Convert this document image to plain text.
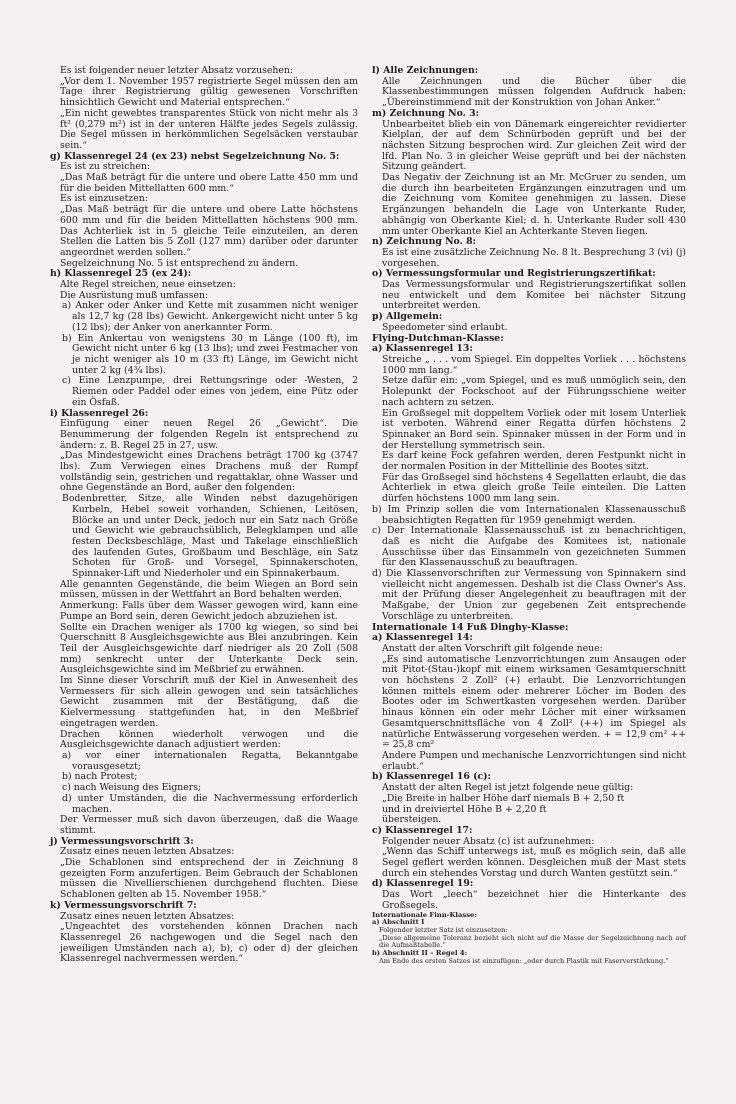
Es ist folgender neuer letzter Absatz vorzusehen:

„Vor dem 1. November 1957 registrierte Segel müssen den am Tage ihrer Registrierung gültig gewesenen Vorschriften hinsichtlich Gewicht und Material entsprechen.“

„Ein nicht gewebtes transparentes Stück von nicht mehr als 3 ft² (0,279 m²) ist in der unteren Hälfte jedes Segels zulässig. Die Segel müssen in herkömmlichen Segelsäcken verstaubar sein.“

g) Klassenregel 24 (ex 23) nebst Segelzeichnung No. 5:

Es ist zu streichen:

„Das Maß beträgt für die untere und obere Latte 450 mm und für die beiden Mittellatten 600 mm.“

Es ist einzusetzen:

„Das Maß beträgt für die untere und obere Latte höchstens 600 mm und für die beiden Mittellatten höchstens 900 mm. Das Achterliek ist in 5 gleiche Teile einzuteilen, an deren Stellen die Latten bis 5 Zoll (127 mm) darüber oder darunter angeordnet werden sollen.“

Segelzeichnung No. 5 ist entsprechend zu ändern.

h) Klassenregel 25 (ex 24):

Alte Regel streichen, neue einsetzen:

Die Ausrüstung muß umfassen:

a) Anker oder Anker und Kette mit zusammen nicht weniger als 12,7 kg (28 lbs) Gewicht. Ankergewicht nicht unter 5 kg (12 lbs); der Anker von anerkannter Form.

b) Ein Ankertau von wenigstens 30 m Länge (100 ft), im Gewicht nicht unter 6 kg (13 lbs); und zwei Festmacher von je nicht weniger als 10 m (33 ft) Länge, im Gewicht nicht unter 2 kg (4¾ lbs).

c) Eine Lenzpumpe, drei Rettungsringe oder -Westen, 2 Riemen oder Paddel oder eines von jedem, eine Pütz oder ein Ösfaß.

i) Klassenregel 26:

Einfügung einer neuen Regel 26 „Gewicht“. Die Benummerung der folgenden Regeln ist entsprechend zu ändern: z. B. Regel 25 in 27, usw.

„Das Mindestgewicht eines Drachens beträgt 1700 kg (3747 lbs). Zum Verwiegen eines Drachens muß der Rumpf vollständig sein, gestrichen und regattaklar, ohne Wasser und ohne Gegenstände an Bord, außer den folgenden:

Bodenbretter, Sitze, alle Winden nebst dazugehörigen Kurbeln, Hebel soweit vorhanden, Schienen, Leitösen, Blöcke an und unter Deck, jedoch nur ein Satz nach Größe und Gewicht wie gebrauchsüblich, Belegklampen und alle festen Decksbeschläge, Mast und Takelage einschließlich des laufenden Gutes, Großbaum und Beschläge, ein Satz Schoten für Groß- und Vorsegel, Spinnakerschoten, Spinnaker-Lift und Niederholer und ein Spinnakerbaum.

Alle genannten Gegenstände, die beim Wiegen an Bord sein müssen, müssen in der Wettfahrt an Bord behalten werden.

Anmerkung: Falls über dem Wasser gewogen wird, kann eine Pumpe an Bord sein, deren Gewicht jedoch abzuziehen ist.

Sollte ein Drachen weniger als 1700 kg wiegen, so sind bei Querschnitt 8 Ausgleichsgewichte aus Blei anzubringen. Kein Teil der Ausgleichsgewichte darf niedriger als 20 Zoll (508 mm) senkrecht unter der Unterkante Deck sein. Ausgleichsgewichte sind im Meßbrief zu erwähnen.

Im Sinne dieser Vorschrift muß der Kiel in Anwesenheit des Vermessers für sich allein gewogen und sein tatsächliches Gewicht zusammen mit der Bestätigung, daß die Kielvermessung stattgefunden hat, in den Meßbrief eingetragen werden.

Drachen können wiederholt verwogen und die Ausgleichsgewichte danach adjustiert werden:

a) vor einer internationalen Regatta, Bekanntgabe vorausgesetzt;

b) nach Protest;

c) nach Weisung des Eigners;

d) unter Umständen, die die Nachvermessung erforderlich machen.

Der Vermesser muß sich davon überzeugen, daß die Waage stimmt.

j) Vermessungsvorschrift 3:

Zusatz eines neuen letzten Absatzes:

„Die Schablonen sind entsprechend der in Zeichnung 8 gezeigten Form anzufertigen. Beim Gebrauch der Schablonen müssen die Nivellierschienen durchgehend fluchten. Diese Schablonen gelten ab 15. November 1958.“

k) Vermessungsvorschrift 7:

Zusatz eines neuen letzten Absatzes:

„Ungeachtet des vorstehenden können Drachen nach Klassenregel 26 nachgewogen und die Segel nach den jeweiligen Umständen nach a), b), c) oder d) der gleichen Klassenregel nachvermessen werden.“

l) Alle Zeichnungen:

Alle Zeichnungen und die Bücher über die Klassenbestimmungen müssen folgenden Aufdruck haben: „Übereinstimmend mit der Konstruktion von Johan Anker.“

m) Zeichnung No. 3:

Unbearbeitet blieb ein von Dänemark eingereichter revidierter Kielplan, der auf dem Schnürboden geprüft und bei der nächsten Sitzung besprochen wird. Zur gleichen Zeit wird der lfd. Plan No. 3 in gleicher Weise geprüft und bei der nächsten Sitzung geändert.

Das Negativ der Zeichnung ist an Mr. McGruer zu senden, um die durch ihn bearbeiteten Ergänzungen einzutragen und um die Zeichnung vom Komitee genehmigen zu lassen. Diese Ergänzungen behandeln die Lage von Unterkante Ruder, abhängig von Oberkante Kiel; d. h. Unterkante Ruder soll 430 mm unter Oberkante Kiel an Achterkante Steven liegen.

n) Zeichnung No. 8:

Es ist eine zusätzliche Zeichnung No. 8 lt. Besprechung 3 (vi) (j) vorgesehen.

o) Vermessungsformular und Registrierungszertifikat:

Das Vermessungsformular und Registrierungszertifikat sollen neu entwickelt und dem Komitee bei nächster Sitzung unterbreitet werden.

p) Allgemein:

Speedometer sind erlaubt.

Flying-Dutchman-Klasse:

a) Klassenregel 13:

Streiche „ . . . vom Spiegel. Ein doppeltes Vorliek . . . höchstens 1000 mm lang.“

Setze dafür ein: „vom Spiegel, und es muß unmöglich sein, den Holepunkt der Fockschoot auf der Führungsschiene weiter nach achtern zu setzen.

Ein Großsegel mit doppeltem Vorliek oder mit losem Unterliek ist verboten. Während einer Regatta dürfen höchstens 2 Spinnaker an Bord sein. Spinnaker müssen in der Form und in der Herstellung symmetrisch sein.

Es darf keine Fock gefahren werden, deren Festpunkt nicht in der normalen Position in der Mittellinie des Bootes sitzt.

Für das Großsegel sind höchstens 4 Segellatten erlaubt, die das Achterliek in etwa gleich große Teile einteilen. Die Latten dürfen höchstens 1000 mm lang sein.

b) Im Prinzip sollen die vom Internationalen Klassenausschuß beabsichtigten Regatten für 1959 genehmigt werden.

c) Der Internationale Klassenausschuß ist zu benachrichtigen, daß es nicht die Aufgabe des Komitees ist, nationale Ausschüsse über das Einsammeln von gezeichneten Summen für den Klassenausschuß zu beauftragen.

d) Die Klassenvorschriften zur Vermessung von Spinnakern sind vielleicht nicht angemessen. Deshalb ist die Class Owner's Ass. mit der Prüfung dieser Angelegenheit zu beauftragen mit der Maßgabe, der Union zur gegebenen Zeit entsprechende Vorschläge zu unterbreiten.

Internationale 14 Fuß Dinghy-Klasse:

a) Klassenregel 14:

Anstatt der alten Vorschrift gilt folgende neue:

„Es sind automatische Lenzvorrichtungen zum Ansaugen oder mit Pitot-(Stau-)kopf mit einem wirksamen Gesamtquerschnitt von höchstens 2 Zoll² (+) erlaubt. Die Lenzvorrichtungen können mittels einem oder mehrerer Löcher im Boden des Bootes oder im Schwertkasten vorgesehen werden. Darüber hinaus können ein oder mehr Löcher mit einer wirksamen Gesamtquerschnittsfläche von 4 Zoll² (++) im Spiegel als natürliche Entwässerung vorgesehen werden. + = 12,9 cm² ++ = 25,8 cm²

Andere Pumpen und mechanische Lenzvorrichtungen sind nicht erlaubt.“

b) Klassenregel 16 (c):

Anstatt der alten Regel ist jetzt folgende neue gültig:

„Die Breite in halber Höhe darf niemals B + 2,50 ft

und in dreiviertel Höhe B + 2,20 ft

übersteigen.

c) Klassenregel 17:

Folgender neuer Absatz (c) ist aufzunehmen:

„Wenn das Schiff unterwegs ist, muß es möglich sein, daß alle Segel geflert werden können. Desgleichen muß der Mast stets durch ein stehendes Vorstag und durch Wanten gestützt sein.“

d) Klassenregel 19:

Das Wort „leech“ bezeichnet hier die Hinterkante des Großsegels.

Internationale Finn-Klasse:

a) Abschnitt I

Folgender letzter Satz ist einzusetzen:

„Diese allgemeine Toleranz bezieht sich nicht auf die Masse der Segelzeichnung nach auf die Aufmaßtabelle.“

b) Abschnitt II – Regel 4:

Am Ende des ersten Satzes ist einzufügen: „oder durch Plastik mit Faserverstärkung.“
